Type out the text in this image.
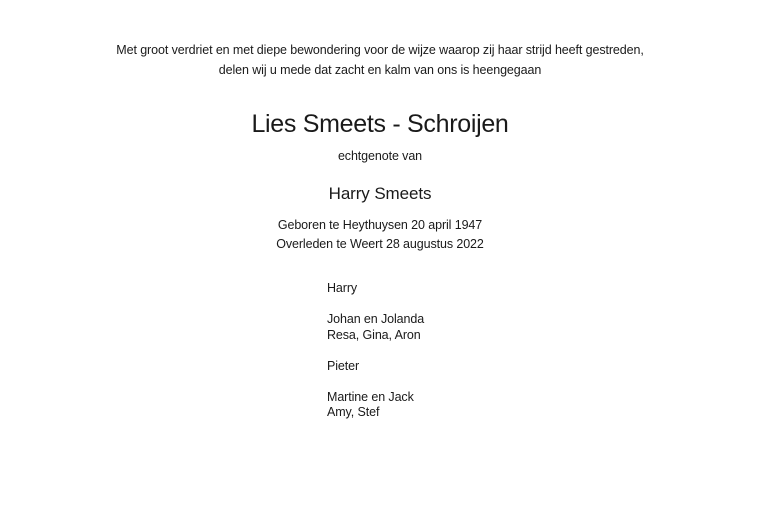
Met groot verdriet en met diepe bewondering voor de wijze waarop zij haar strijd heeft gestreden,
delen wij u mede dat zacht en kalm van ons is heengegaan
Lies Smeets - Schroijen
echtgenote van
Harry Smeets
Geboren te Heythuysen 20 april 1947
Overleden te Weert 28 augustus 2022
Harry
Johan en Jolanda
Resa, Gina, Aron
Pieter
Martine en Jack
Amy, Stef
